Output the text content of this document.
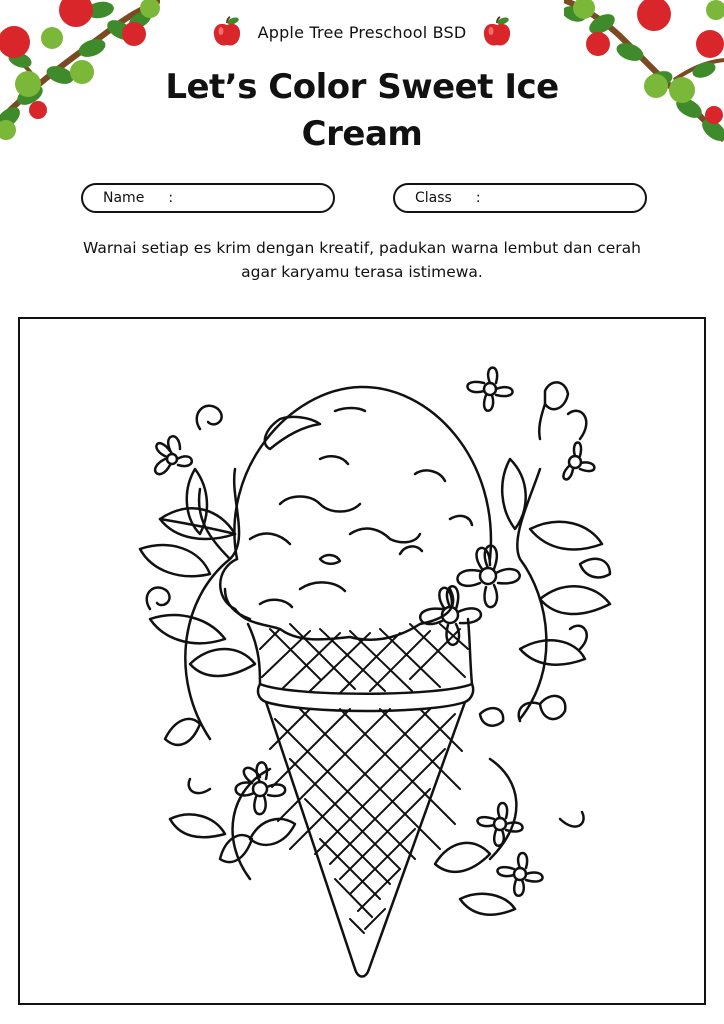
Apple Tree Preschool BSD
Let’s Color Sweet Ice Cream
Name :	Class :

Warnai setiap es krim dengan kreatif, padukan warna lembut dan cerah agar karyamu terasa istimewa.
